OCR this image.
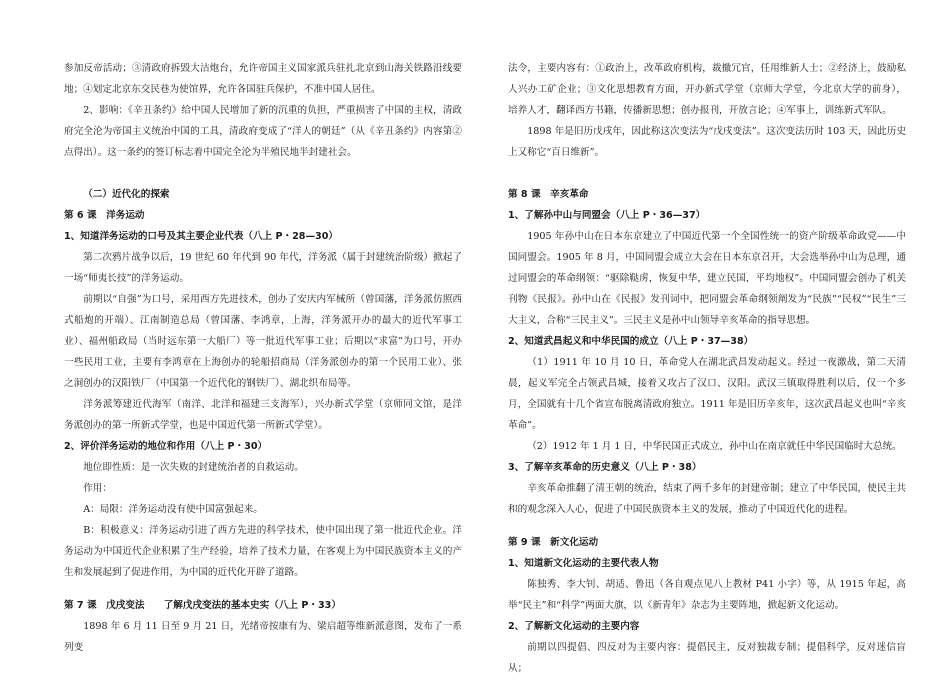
参加反帝活动；③清政府拆毁大沽炮台，允许帝国主义国家派兵驻扎北京到山海关铁路沿线要地；④划定北京东交民巷为使馆界，允许各国驻兵保护，不准中国人居住。

2、影响：《辛丑条约》给中国人民增加了新的沉重的负担，严重损害了中国的主权，清政府完全沦为帝国主义统治中国的工具，清政府变成了“洋人的朝廷”（从《辛丑条约》内容第②点得出）。这一条约的签订标志着中国完全沦为半殖民地半封建社会。

（二）近代化的探索

第 6 课　洋务运动

1、知道洋务运动的口号及其主要企业代表（八上 P・28—30）

第二次鸦片战争以后，19 世纪 60 年代到 90 年代，洋务派（属于封建统治阶级）掀起了一场“师夷长技”的洋务运动。

前期以“自强”为口号，采用西方先进技术，创办了安庆内军械所（曾国藩，洋务派仿照西式船炮的开端）、江南制造总局（曾国藩、李鸿章，上海，洋务派开办的最大的近代军事工业）、福州船政局（当时远东第一大船厂）等一批近代军事工业；后期以“求富”为口号，开办一些民用工业，主要有李鸿章在上海创办的轮船招商局（洋务派创办的第一个民用工业）、张之洞创办的汉阳铁厂（中国第一个近代化的钢铁厂）、湖北织布局等。

洋务派筹建近代海军（南洋、北洋和福建三支海军），兴办新式学堂（京师同文馆，是洋务派创办的第一所新式学堂，也是中国近代第一所新式学堂）。

2、评价洋务运动的地位和作用（八上 P・30）

地位即性质：是一次失败的封建统治者的自救运动。

作用：

A：局限：洋务运动没有使中国富强起来。

B：积极意义：洋务运动引进了西方先进的科学技术，使中国出现了第一批近代企业。洋务运动为中国近代企业积累了生产经验，培养了技术力量，在客观上为中国民族资本主义的产生和发展起到了促进作用，为中国的近代化开辟了道路。

第 7 课　戊戌变法　　了解戊戌变法的基本史实（八上 P・33）

1898 年 6 月 11 日至 9 月 21 日，光绪帝按康有为、梁启超等维新派意图，发布了一系列变

法令，主要内容有：①政治上，改革政府机构，裁撤冗官，任用维新人士；②经济上，鼓励私人兴办工矿企业；③文化思想教育方面，开办新式学堂（京师大学堂，今北京大学的前身），培养人才，翻译西方书籍，传播新思想；创办报刊，开放言论；④军事上，训练新式军队。

1898 年是旧历戊戌年，因此称这次变法为“戊戌变法”。这次变法历时 103 天，因此历史上又称它“百日维新”。

第 8 课　辛亥革命

1、了解孙中山与同盟会（八上 P・36—37）

1905 年孙中山在日本东京建立了中国近代第一个全国性统一的资产阶级革命政党——中国同盟会。1905 年 8 月，中国同盟会成立大会在日本东京召开，大会选举孙中山为总理，通过同盟会的革命纲领：“驱除鞑虏，恢复中华，建立民国，平均地权”。中国同盟会创办了机关刊物《民报》。孙中山在《民报》发刊词中，把同盟会革命纲领阐发为“民族”“民权”“民生”三大主义，合称“三民主义”。三民主义是孙中山领导辛亥革命的指导思想。

2、知道武昌起义和中华民国的成立（八上 P・37—38）

（1）1911 年 10 月 10 日，革命党人在湖北武昌发动起义。经过一夜激战，第二天清晨，起义军完全占领武昌城，接着又攻占了汉口、汉阳。武汉三镇取得胜利以后，仅一个多月，全国就有十几个省宣布脱离清政府独立。1911 年是旧历辛亥年，这次武昌起义也叫“辛亥革命”。

（2）1912 年 1 月 1 日，中华民国正式成立，孙中山在南京就任中华民国临时大总统。

3、了解辛亥革命的历史意义（八上 P・38）

辛亥革命推翻了清王朝的统治，结束了两千多年的封建帝制；建立了中华民国，使民主共和的观念深入人心，促进了中国民族资本主义的发展，推动了中国近代化的进程。

第 9 课　新文化运动

1、知道新文化运动的主要代表人物

陈独秀、李大钊、胡适、鲁迅（各自观点见八上教材 P41 小字）等，从 1915 年起，高举“民主”和“科学”两面大旗，以《新青年》杂志为主要阵地，掀起新文化运动。

2、了解新文化运动的主要内容

前期以四提倡、四反对为主要内容：提倡民主，反对独裁专制；提倡科学，反对迷信盲从；
